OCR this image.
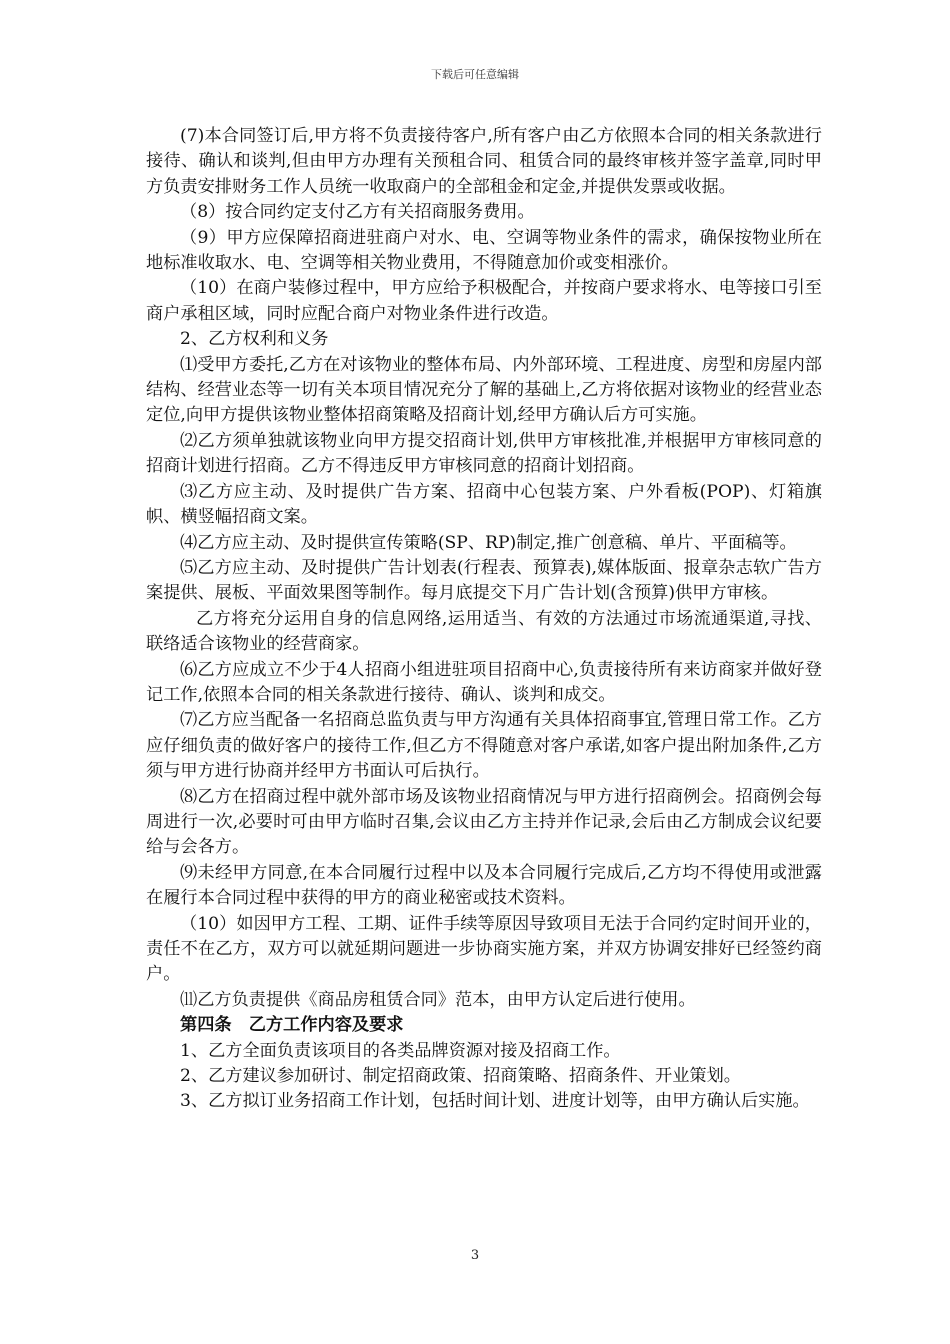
下载后可任意编辑

(7)本合同签订后,甲方将不负责接待客户,所有客户由乙方依照本合同的相关条款进行接待、确认和谈判,但由甲方办理有关预租合同、租赁合同的最终审核并签字盖章,同时甲方负责安排财务工作人员统一收取商户的全部租金和定金,并提供发票或收据。

（8）按合同约定支付乙方有关招商服务费用。

（9）甲方应保障招商进驻商户对水、电、空调等物业条件的需求，确保按物业所在地标准收取水、电、空调等相关物业费用，不得随意加价或变相涨价。

（10）在商户装修过程中，甲方应给予积极配合，并按商户要求将水、电等接口引至商户承租区域，同时应配合商户对物业条件进行改造。

2、乙方权利和义务

⑴受甲方委托,乙方在对该物业的整体布局、内外部环境、工程进度、房型和房屋内部结构、经营业态等一切有关本项目情况充分了解的基础上,乙方将依据对该物业的经营业态定位,向甲方提供该物业整体招商策略及招商计划,经甲方确认后方可实施。

⑵乙方须单独就该物业向甲方提交招商计划,供甲方审核批准,并根据甲方审核同意的招商计划进行招商。乙方不得违反甲方审核同意的招商计划招商。

⑶乙方应主动、及时提供广告方案、招商中心包装方案、户外看板(POP)、灯箱旗帜、横竖幅招商文案。

⑷乙方应主动、及时提供宣传策略(SP、RP)制定,推广创意稿、单片、平面稿等。

⑸乙方应主动、及时提供广告计划表(行程表、预算表),媒体版面、报章杂志软广告方案提供、展板、平面效果图等制作。每月底提交下月广告计划(含预算)供甲方审核。

乙方将充分运用自身的信息网络,运用适当、有效的方法通过市场流通渠道,寻找、联络适合该物业的经营商家。

⑹乙方应成立不少于4人招商小组进驻项目招商中心,负责接待所有来访商家并做好登记工作,依照本合同的相关条款进行接待、确认、谈判和成交。

⑺乙方应当配备一名招商总监负责与甲方沟通有关具体招商事宜,管理日常工作。乙方应仔细负责的做好客户的接待工作,但乙方不得随意对客户承诺,如客户提出附加条件,乙方须与甲方进行协商并经甲方书面认可后执行。

⑻乙方在招商过程中就外部市场及该物业招商情况与甲方进行招商例会。招商例会每周进行一次,必要时可由甲方临时召集,会议由乙方主持并作记录,会后由乙方制成会议纪要给与会各方。

⑼未经甲方同意,在本合同履行过程中以及本合同履行完成后,乙方均不得使用或泄露在履行本合同过程中获得的甲方的商业秘密或技术资料。

（10）如因甲方工程、工期、证件手续等原因导致项目无法于合同约定时间开业的，责任不在乙方，双方可以就延期问题进一步协商实施方案，并双方协调安排好已经签约商户。

⑾乙方负责提供《商品房租赁合同》范本，由甲方认定后进行使用。

第四条　乙方工作内容及要求

1、乙方全面负责该项目的各类品牌资源对接及招商工作。

2、乙方建议参加研讨、制定招商政策、招商策略、招商条件、开业策划。

3、乙方拟订业务招商工作计划，包括时间计划、进度计划等，由甲方确认后实施。

3
